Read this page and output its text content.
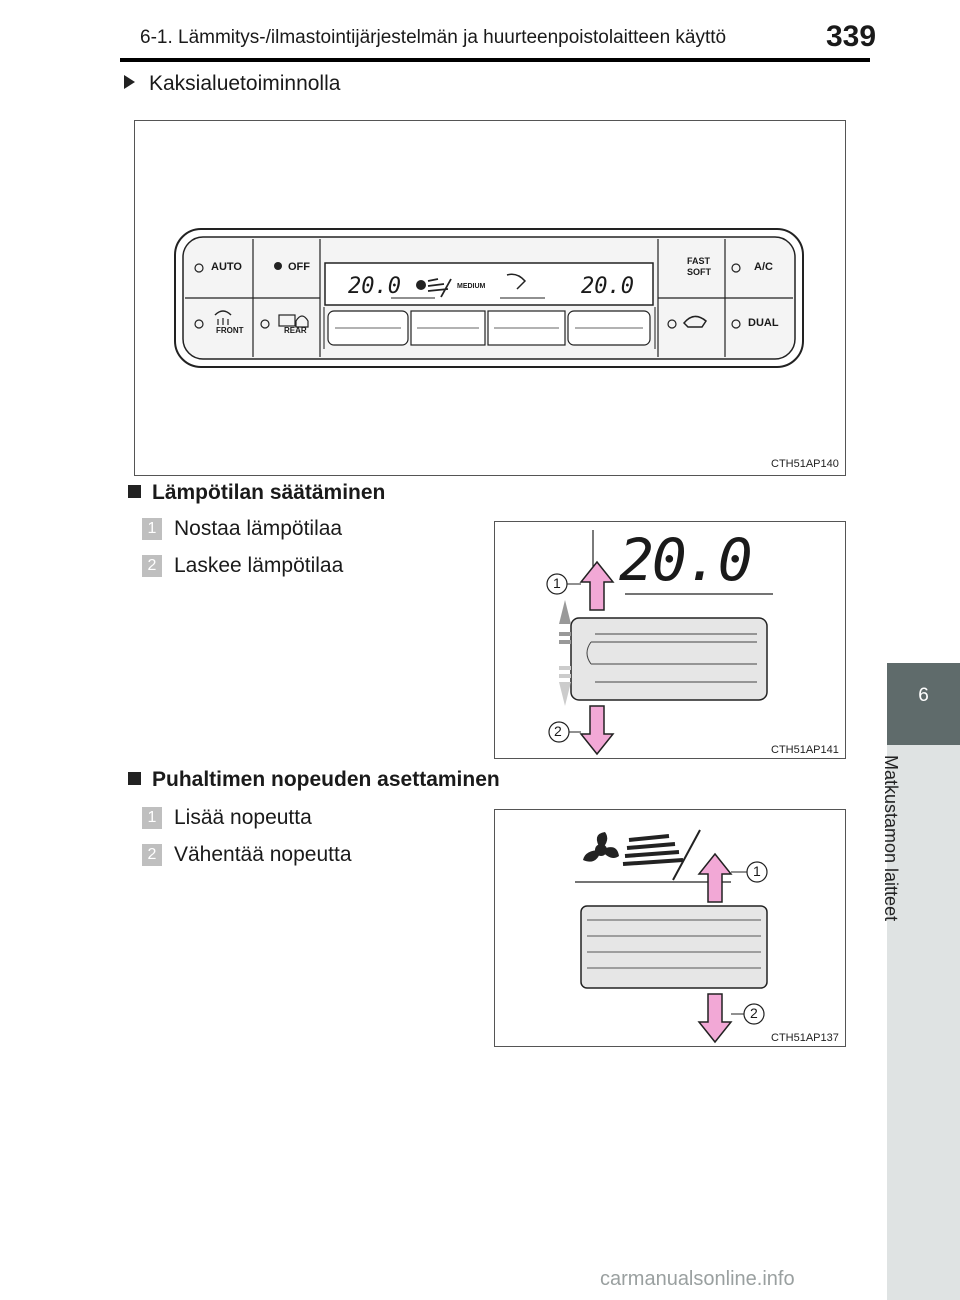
6-1. Lämmitys-/ilmastointijärjestelmän ja huurteenpoistolaitteen käyttö	339
6
Matkustamon laitteet
Kaksialuetoiminnolla
AUTO	OFF	FAST
SOFT	A/C
FRONT	REAR
DUAL
20.0	MEDIUM	20.0
CTH51AP140
Lämpötilan säätäminen
1 Nostaa lämpötilaa
2 Laskee lämpötilaa	20.0
1
2
CTH51AP141
Puhaltimen nopeuden asettaminen
1 Lisää nopeutta
2 Vähentää nopeutta
1
2
CTH51AP137
carmanualsonline.info
